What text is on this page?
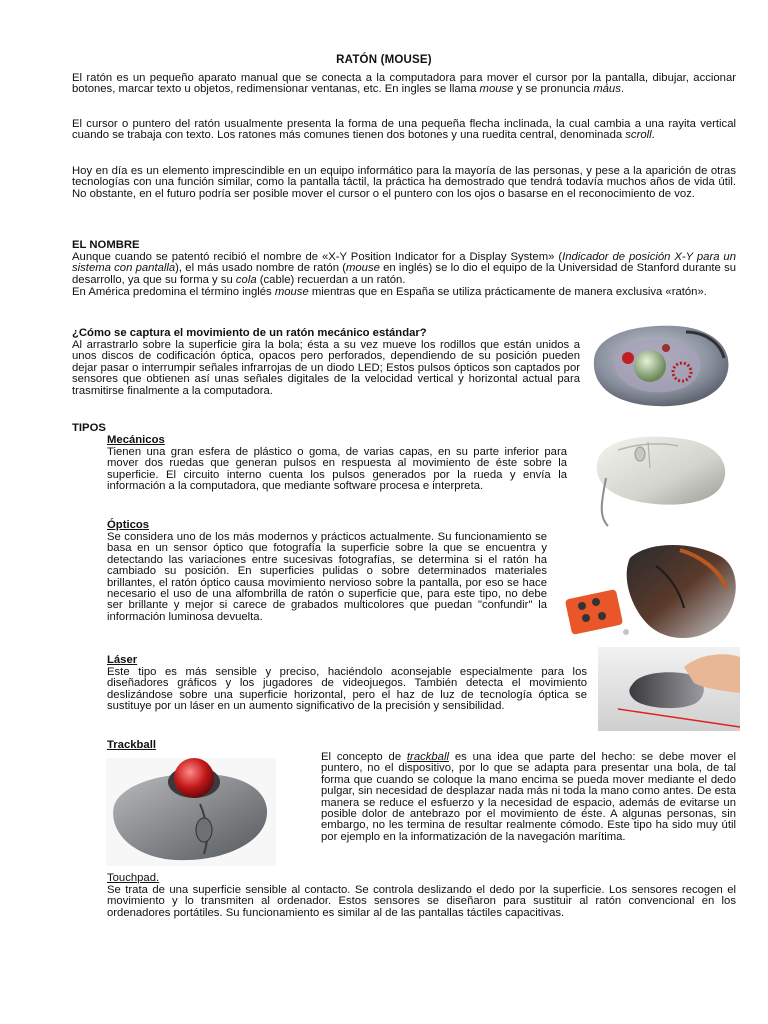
RATÓN (MOUSE)
El ratón es un pequeño aparato manual que se conecta a la computadora para mover el cursor por la pantalla, dibujar, accionar botones, marcar texto u objetos, redimensionar ventanas, etc. En ingles se llama mouse y se pronuncia máus.
El cursor o puntero del ratón usualmente presenta la forma de una pequeña flecha inclinada, la cual cambia a una rayita vertical cuando se trabaja con texto. Los ratones más comunes tienen dos botones y una ruedita central, denominada scroll.
Hoy en día es un elemento imprescindible en un equipo informático para la mayoría de las personas, y pese a la aparición de otras tecnologías con una función similar, como la pantalla táctil, la práctica ha demostrado que tendrá todavía muchos años de vida útil. No obstante, en el futuro podría ser posible mover el cursor o el puntero con los ojos o basarse en el reconocimiento de voz.
EL NOMBRE
Aunque cuando se patentó recibió el nombre de «X-Y Position Indicator for a Display System» (Indicador de posición X-Y para un sistema con pantalla), el más usado nombre de ratón (mouse en inglés) se lo dio el equipo de la Universidad de Stanford durante su desarrollo, ya que su forma y su cola (cable) recuerdan a un ratón.
En América predomina el término inglés mouse mientras que en España se utiliza prácticamente de manera exclusiva «ratón».
¿Cómo se captura el movimiento de un ratón mecánico estándar?
Al arrastrarlo sobre la superficie gira la bola; ésta a su vez mueve los rodillos que están unidos a unos discos de codificación óptica, opacos pero perforados, dependiendo de su posición pueden dejar pasar o interrumpir señales infrarrojas de un diodo LED; Estos pulsos ópticos son captados por sensores que obtienen así unas señales digitales de la velocidad vertical y horizontal actual para trasmitirse finalmente a la computadora.
TIPOS
Mecánicos
Tienen una gran esfera de plástico o goma, de varias capas, en su parte inferior para mover dos ruedas que generan pulsos en respuesta al movimiento de éste sobre la superficie. El circuito interno cuenta los pulsos generados por la rueda y envía la información a la computadora, que mediante software procesa e interpreta.
Ópticos
Se considera uno de los más modernos y prácticos actualmente. Su funcionamiento se basa en un sensor óptico que fotografía la superficie sobre la que se encuentra y detectando las variaciones entre sucesivas fotografías, se determina si el ratón ha cambiado su posición. En superficies pulidas o sobre determinados materiales brillantes, el ratón óptico causa movimiento nervioso sobre la pantalla, por eso se hace necesario el uso de una alfombrilla de ratón o superficie que, para este tipo, no debe ser brillante y mejor si carece de grabados multicolores que puedan "confundir" la información luminosa devuelta.
Láser
Este tipo es más sensible y preciso, haciéndolo aconsejable especialmente para los diseñadores gráficos y los jugadores de videojuegos. También detecta el movimiento deslizándose sobre una superficie horizontal, pero el haz de luz de tecnología óptica se sustituye por un láser en un aumento significativo de la precisión y sensibilidad.
Trackball
El concepto de trackball es una idea que parte del hecho: se debe mover el puntero, no el dispositivo, por lo que se adapta para presentar una bola, de tal forma que cuando se coloque la mano encima se pueda mover mediante el dedo pulgar, sin necesidad de desplazar nada más ni toda la mano como antes. De esta manera se reduce el esfuerzo y la necesidad de espacio, además de evitarse un posible dolor de antebrazo por el movimiento de éste. A algunas personas, sin embargo, no les termina de resultar realmente cómodo. Este tipo ha sido muy útil por ejemplo en la informatización de la navegación marítima.
Touchpad.
Se trata de una superficie sensible al contacto. Se controla deslizando el dedo por la superficie. Los sensores recogen el movimiento y lo transmiten al ordenador. Estos sensores se diseñaron para sustituir al ratón convencional en los ordenadores portátiles. Su funcionamiento es similar al de las pantallas táctiles capacitivas.
